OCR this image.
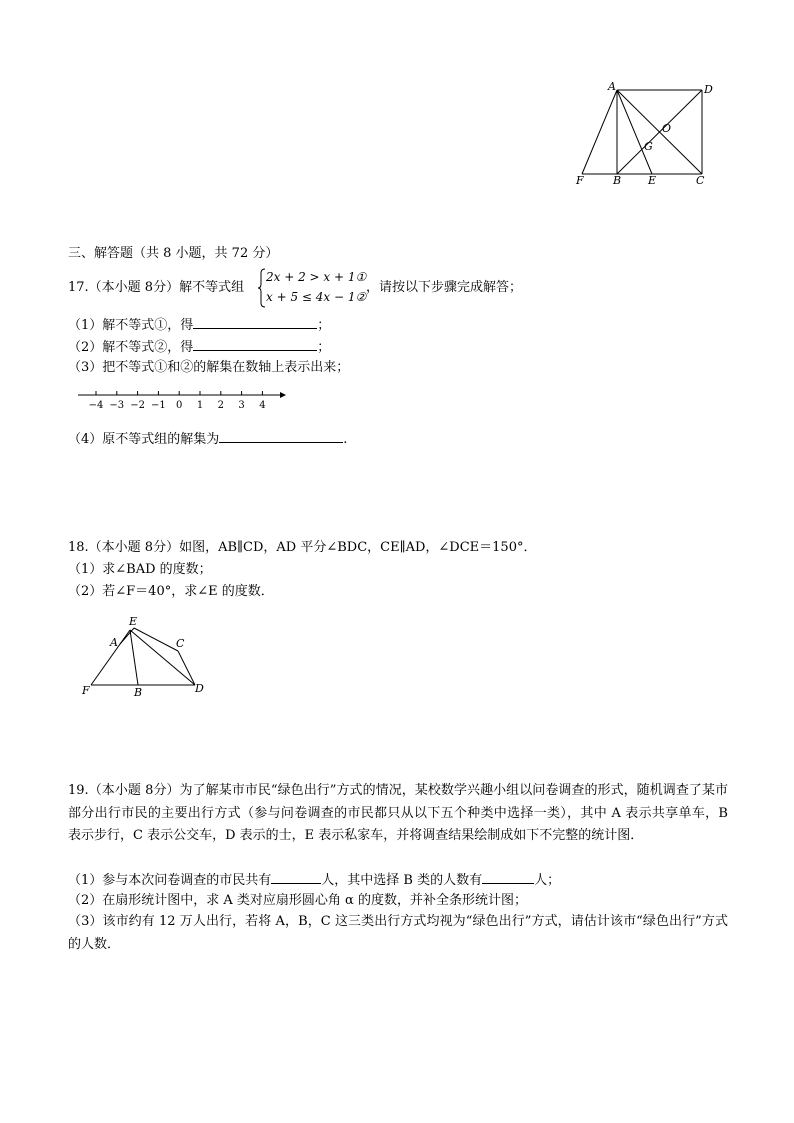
A	D
O
G
F	B E	C
三、解答题（共 8 小题，共 72 分）
17.（本小题 8分）解不等式组
2x + 2 > x + 1①
x + 5 ≤ 4x − 1②
，请按以下步骤完成解答；
（1）解不等式①，得	；
（2）解不等式②，得	；
（3）把不等式①和②的解集在数轴上表示出来；
−4 −3 −2 −1 0 1 2 3 4
（4）原不等式组的解集为	.
18.（本小题 8分）如图，AB∥CD，AD 平分∠BDC，CE∥AD，∠DCE＝150°．
（1）求∠BAD 的度数；
（2）若∠F＝40°，求∠E 的度数．
E
A	C
F	B	D
19.（本小题 8分）为了解某市市民“绿色出行”方式的情况，某校数学兴趣小组以问卷调查的形式，随机调查了某市部分出行市民的主要出行方式（参与问卷调查的市民都只从以下五个种类中选择一类），其中 A 表示共享单车，B 表示步行，C 表示公交车，D 表示的士，E 表示私家车，并将调查结果绘制成如下不完整的统计图．
（1）参与本次问卷调查的市民共有	人，其中选择 B 类的人数有	人；
（2）在扇形统计图中，求 A 类对应扇形圆心角 α 的度数，并补全条形统计图；
（3）该市约有 12 万人出行，若将 A，B，C 这三类出行方式均视为“绿色出行”方式，请估计该市“绿色出行”方式的人数．
